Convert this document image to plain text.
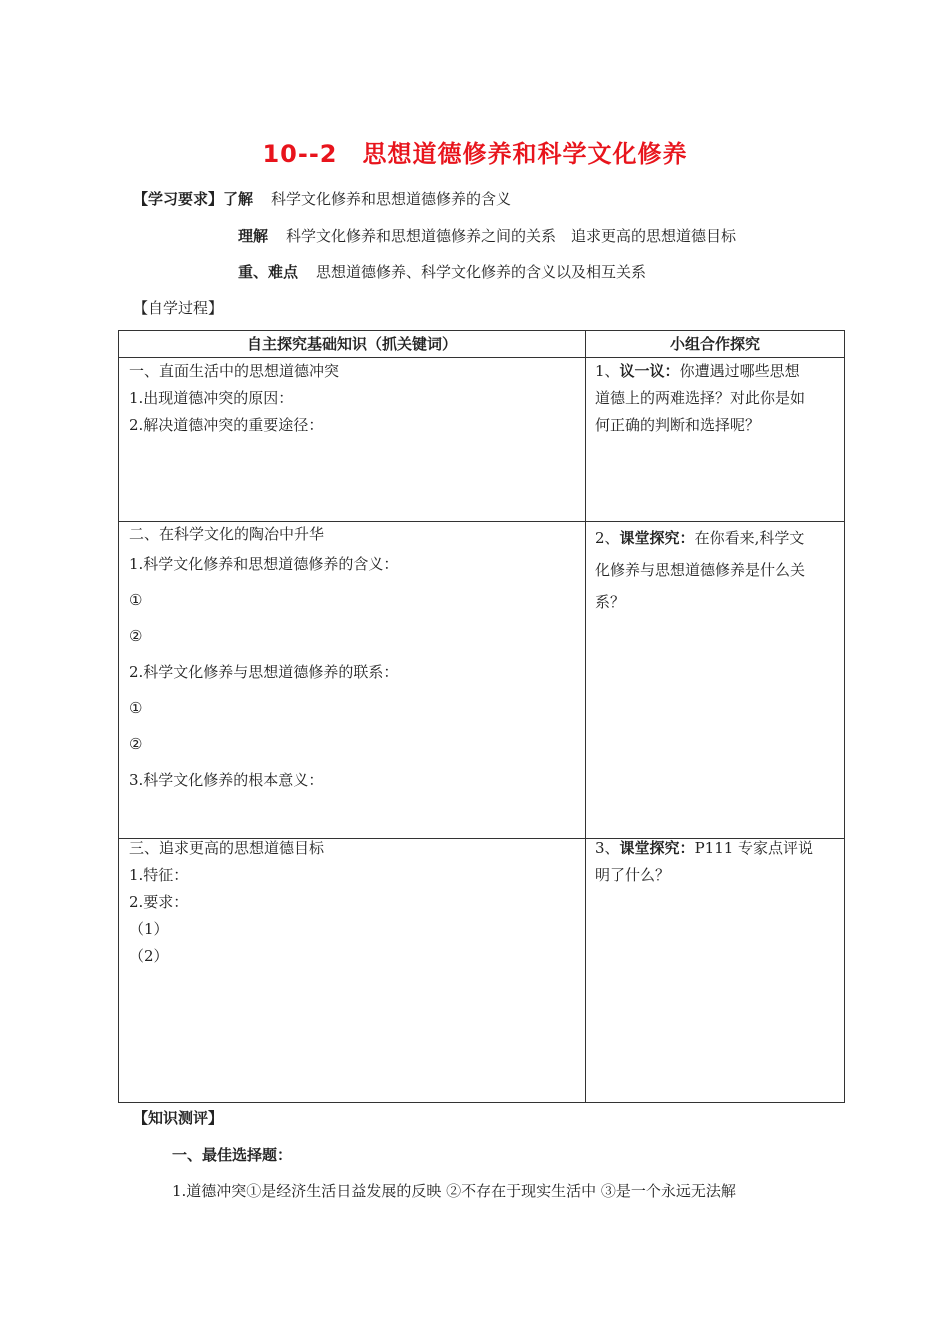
10--2　思想道德修养和科学文化修养
【学习要求】了解 科学文化修养和思想道德修养的含义
理解 科学文化修养和思想道德修养之间的关系　追求更高的思想道德目标
重、难点 思想道德修养、科学文化修养的含义以及相互关系
【自学过程】
自主探究基础知识（抓关键词）	小组合作探究
一、直面生活中的思想道德冲突
1.出现道德冲突的原因：
2.解决道德冲突的重要途径：
1、议一议：你遭遇过哪些思想
道德上的两难选择？对此你是如
何正确的判断和选择呢？
二、在科学文化的陶冶中升华
1.科学文化修养和思想道德修养的含义：
①
②
2.科学文化修养与思想道德修养的联系：
①
②
3.科学文化修养的根本意义：
2、课堂探究：在你看来,科学文
化修养与思想道德修养是什么关
系？
三、追求更高的思想道德目标
1.特征：
2.要求：
（1）
（2）
3、课堂探究：P111 专家点评说
明了什么？
【知识测评】
一、最佳选择题：
1.道德冲突①是经济生活日益发展的反映 ②不存在于现实生活中 ③是一个永远无法解
